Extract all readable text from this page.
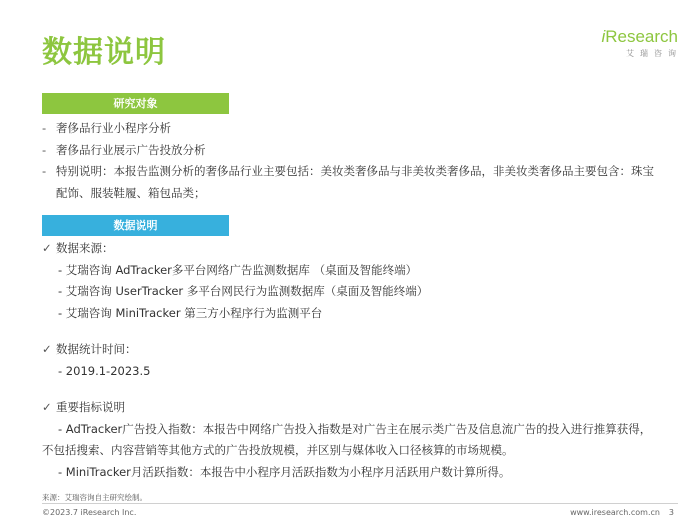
数据说明	iResearch
艾瑞咨询
研究对象
- 奢侈品行业小程序分析
- 奢侈品行业展示广告投放分析
- 特别说明：本报告监测分析的奢侈品行业主要包括：美妆类奢侈品与非美妆类奢侈品，非美妆类奢侈品主要包含：珠宝
配饰、服装鞋履、箱包品类；
数据说明
✓ 数据来源：
- 艾瑞咨询 AdTracker多平台网络广告监测数据库 （桌面及智能终端）
- 艾瑞咨询 UserTracker 多平台网民行为监测数据库（桌面及智能终端）
- 艾瑞咨询 MiniTracker 第三方小程序行为监测平台
✓ 数据统计时间：
- 2019.1-2023.5
✓ 重要指标说明
- AdTracker广告投入指数：本报告中网络广告投入指数是对广告主在展示类广告及信息流广告的投入进行推算获得，
不包括搜索、内容营销等其他方式的广告投放规模，并区别与媒体收入口径核算的市场规模。
- MiniTracker月活跃指数：本报告中小程序月活跃指数为小程序月活跃用户数计算所得。
来源：艾瑞咨询自主研究绘制。
©2023.7 iResearch Inc.	www.iresearch.com.cn 3
